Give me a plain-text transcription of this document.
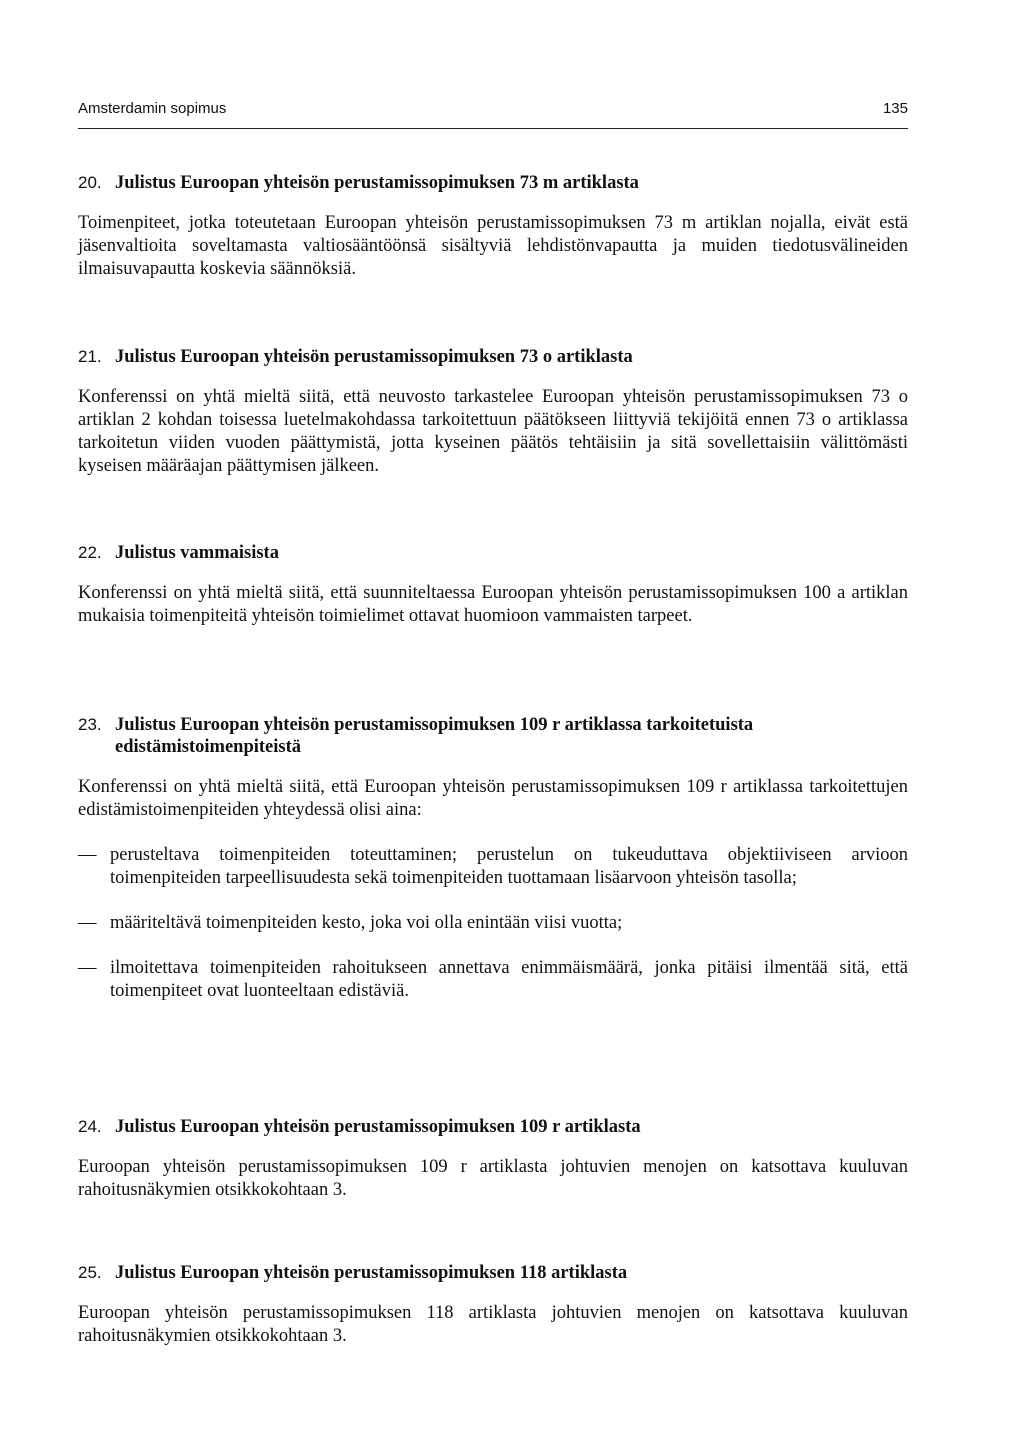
Amsterdamin sopimus	135
20. Julistus Euroopan yhteisön perustamissopimuksen 73 m artiklasta

Toimenpiteet, jotka toteutetaan Euroopan yhteisön perustamissopimuksen 73 m artiklan nojalla, eivät estä jäsenvaltioita soveltamasta valtiosääntöönsä sisältyviä lehdistönvapautta ja muiden tiedotusvälineiden ilmaisuvapautta koskevia säännöksiä.

21. Julistus Euroopan yhteisön perustamissopimuksen 73 o artiklasta

Konferenssi on yhtä mieltä siitä, että neuvosto tarkastelee Euroopan yhteisön perustamissopimuksen 73 o artiklan 2 kohdan toisessa luetelmakohdassa tarkoitettuun päätökseen liittyviä tekijöitä ennen 73 o artiklassa tarkoitetun viiden vuoden päättymistä, jotta kyseinen päätös tehtäisiin ja sitä sovellettaisiin välittömästi kyseisen määräajan päättymisen jälkeen.

22. Julistus vammaisista

Konferenssi on yhtä mieltä siitä, että suunniteltaessa Euroopan yhteisön perustamissopimuksen 100 a artiklan mukaisia toimenpiteitä yhteisön toimielimet ottavat huomioon vammaisten tarpeet.

23. Julistus Euroopan yhteisön perustamissopimuksen 109 r artiklassa tarkoitetuista edistämistoimenpiteistä

Konferenssi on yhtä mieltä siitä, että Euroopan yhteisön perustamissopimuksen 109 r artiklassa tarkoitettujen edistämistoimenpiteiden yhteydessä olisi aina:

— perusteltava toimenpiteiden toteuttaminen; perustelun on tukeuduttava objektiiviseen arvioon toimenpiteiden tarpeellisuudesta sekä toimenpiteiden tuottamaan lisäarvoon yhteisön tasolla;
— määriteltävä toimenpiteiden kesto, joka voi olla enintään viisi vuotta;
— ilmoitettava toimenpiteiden rahoitukseen annettava enimmäismäärä, jonka pitäisi ilmentää sitä, että toimenpiteet ovat luonteeltaan edistäviä.
24. Julistus Euroopan yhteisön perustamissopimuksen 109 r artiklasta

Euroopan yhteisön perustamissopimuksen 109 r artiklasta johtuvien menojen on katsottava kuuluvan rahoitusnäkymien otsikkokohtaan 3.

25. Julistus Euroopan yhteisön perustamissopimuksen 118 artiklasta

Euroopan yhteisön perustamissopimuksen 118 artiklasta johtuvien menojen on katsottava kuuluvan rahoitusnäkymien otsikkokohtaan 3.
